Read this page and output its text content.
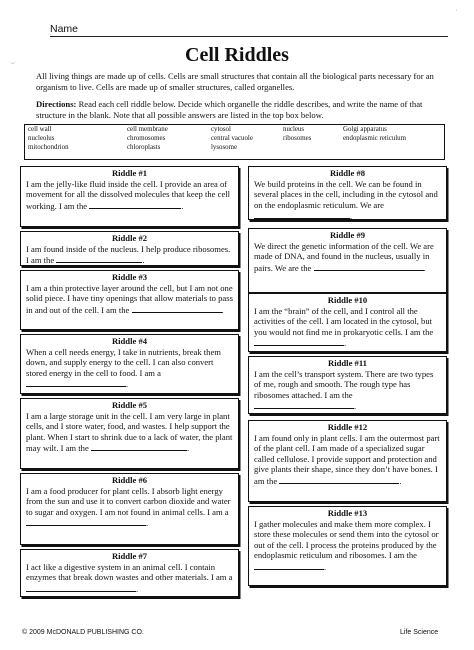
Name
⌣
·
Cell Riddles
All living things are made up of cells. Cells are small structures that contain all the biological parts necessary for an organism to live. Cells are made up of smaller structures, called organelles.
Directions: Read each cell riddle below. Decide which organelle the riddle describes, and write the name of that structure in the blank. Note that all possible answers are listed in the top box below.
cell wall	cell membrane	cytosol	nucleus	Golgi apparatus
nucleolus	chromosomes	central vacuole	ribosomes	endoplasmic reticulum
mitochondrion	chloroplasts	lysosome
Riddle #1
I am the jelly-like fluid inside the cell. I provide an area of movement for all the dissolved molecules that keep the cell working. I am the	.
Riddle #2
I am found inside of the nucleus. I help produce ribosomes. I am the	.
Riddle #3
I am a thin protective layer around the cell, but I am not one solid piece. I have tiny openings that allow materials to pass in and out of the cell. I am the	.
Riddle #4
When a cell needs energy, I take in nutrients, break them down, and supply energy to the cell. I can also convert stored energy in the cell to food. I am a .
Riddle #5
I am a large storage unit in the cell. I am very large in plant cells, and I store water, food, and wastes. I help support the plant. When I start to shrink due to a lack of water, the plant may wilt. I am the	.
Riddle #6
I am a food producer for plant cells. I absorb light energy from the sun and use it to convert carbon dioxide and water to sugar and oxygen. I am not found in animal cells. I am a .
Riddle #7
I act like a digestive system in an animal cell. I contain enzymes that break down wastes and other materials. I am a .
Riddle #8
We build proteins in the cell. We can be found in several places in the cell, including in the cytosol and on the endoplasmic reticulum. We are .
Riddle #9
We direct the genetic information of the cell. We are made of DNA, and found in the nucleus, usually in pairs. We are the	.
Riddle #10
I am the “brain” of the cell, and I control all the activities of the cell. I am located in the cytosol, but you would not find me in prokaryotic cells. I am the .
Riddle #11
I am the cell’s transport system. There are two types of me, rough and smooth. The rough type has ribosomes attached. I am the .
Riddle #12
I am found only in plant cells. I am the outermost part of the plant cell. I am made of a specialized sugar called cellulose. I provide support and protection and give plants their shape, since they don’t have bones. I am the	.
Riddle #13
I gather molecules and make them more complex. I store these molecules or send them into the cytosol or out of the cell. I process the proteins produced by the endoplasmic reticulum and ribosomes. I am the .
© 2009 McDONALD PUBLISHING CO.	Life Science
